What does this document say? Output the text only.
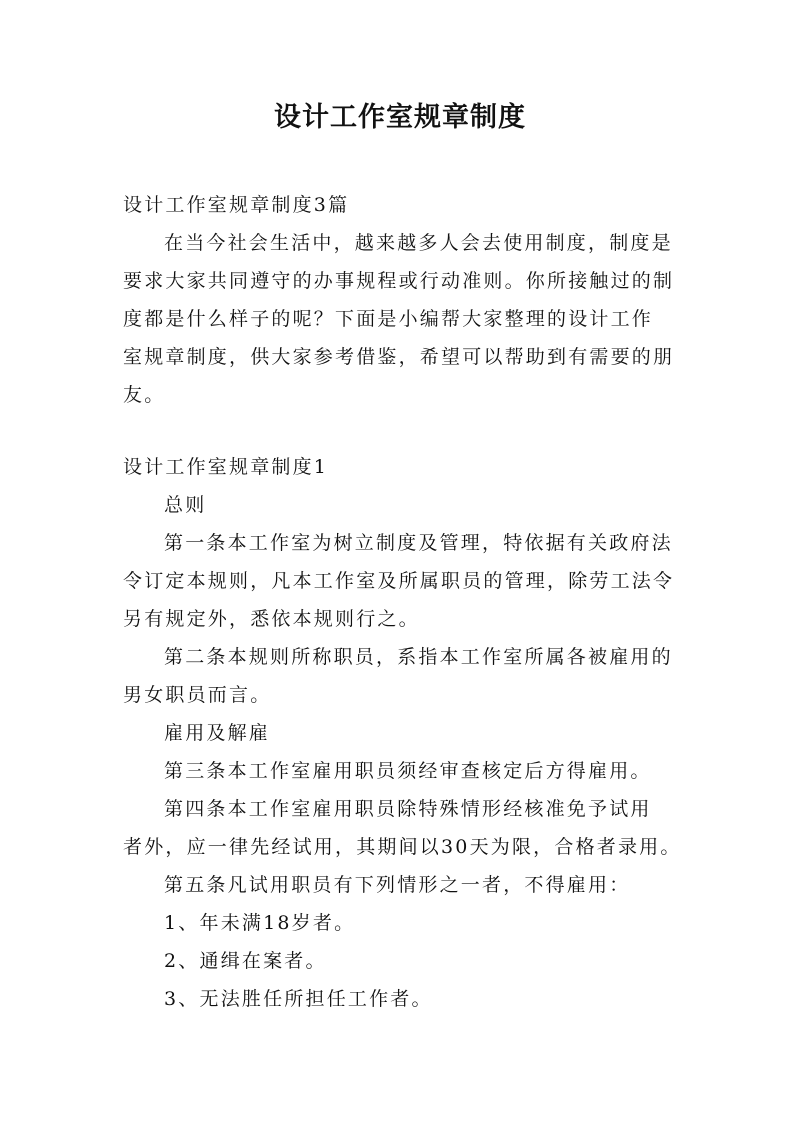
设计工作室规章制度
设计工作室规章制度3篇
在当今社会生活中，越来越多人会去使用制度，制度是
要求大家共同遵守的办事规程或行动准则。你所接触过的制
度都是什么样子的呢？下面是小编帮大家整理的设计工作
室规章制度，供大家参考借鉴，希望可以帮助到有需要的朋
友。
设计工作室规章制度1
总则
第一条本工作室为树立制度及管理，特依据有关政府法
令订定本规则，凡本工作室及所属职员的管理，除劳工法令
另有规定外，悉依本规则行之。
第二条本规则所称职员，系指本工作室所属各被雇用的
男女职员而言。
雇用及解雇
第三条本工作室雇用职员须经审查核定后方得雇用。
第四条本工作室雇用职员除特殊情形经核准免予试用
者外，应一律先经试用，其期间以30天为限，合格者录用。
第五条凡试用职员有下列情形之一者，不得雇用：
1、年未满18岁者。
2、通缉在案者。
3、无法胜任所担任工作者。
